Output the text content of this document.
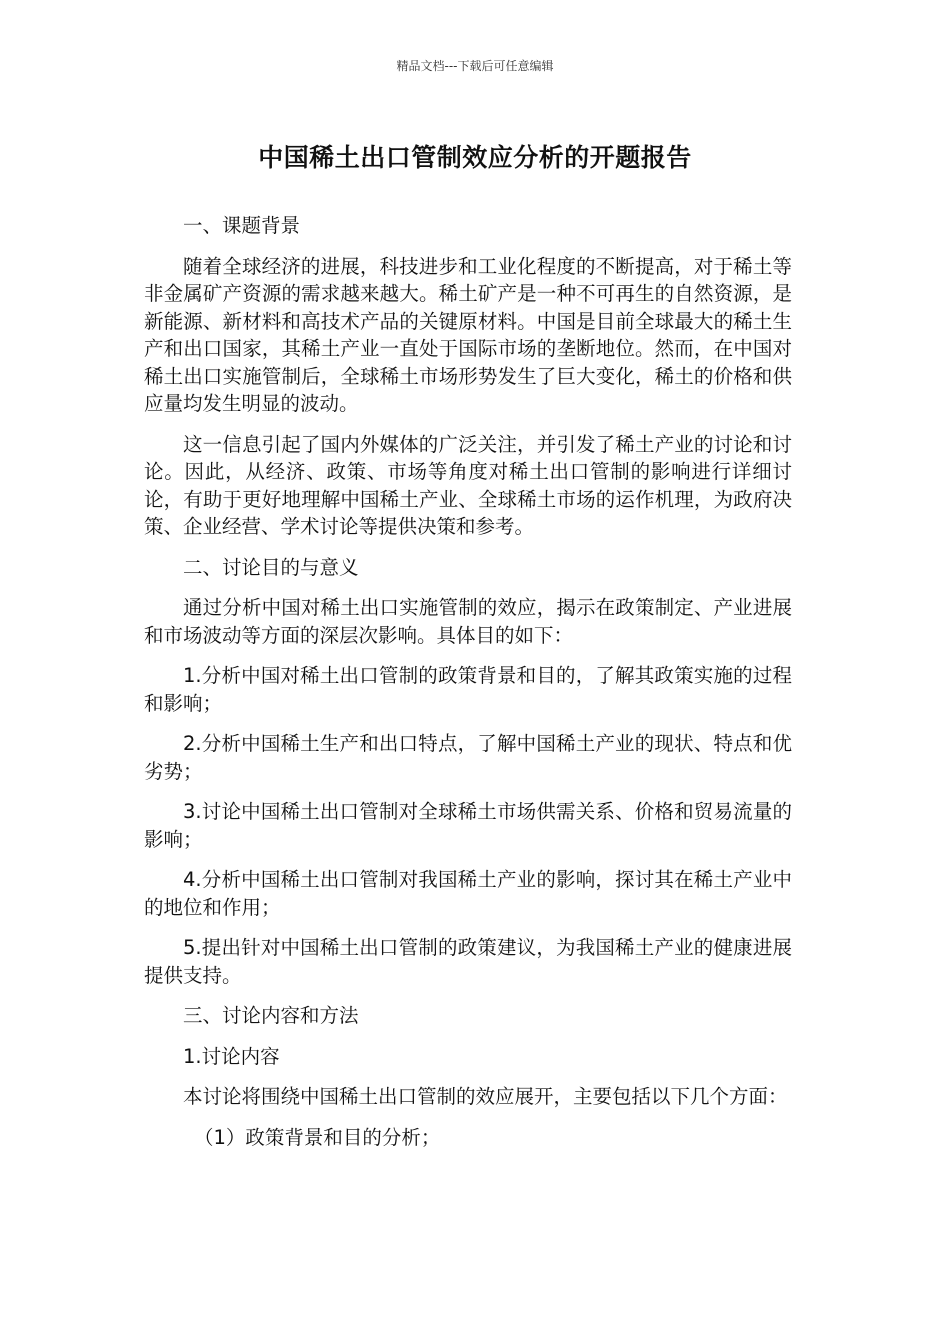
精品文档---下载后可任意编辑
中国稀土出口管制效应分析的开题报告

一、课题背景

随着全球经济的进展，科技进步和工业化程度的不断提高，对于稀土等非金属矿产资源的需求越来越大。稀土矿产是一种不可再生的自然资源，是新能源、新材料和高技术产品的关键原材料。中国是目前全球最大的稀土生产和出口国家，其稀土产业一直处于国际市场的垄断地位。然而，在中国对稀土出口实施管制后，全球稀土市场形势发生了巨大变化，稀土的价格和供应量均发生明显的波动。

这一信息引起了国内外媒体的广泛关注，并引发了稀土产业的讨论和讨论。因此，从经济、政策、市场等角度对稀土出口管制的影响进行详细讨论，有助于更好地理解中国稀土产业、全球稀土市场的运作机理，为政府决策、企业经营、学术讨论等提供决策和参考。

二、讨论目的与意义

通过分析中国对稀土出口实施管制的效应，揭示在政策制定、产业进展和市场波动等方面的深层次影响。具体目的如下：

1.分析中国对稀土出口管制的政策背景和目的，了解其政策实施的过程和影响；

2.分析中国稀土生产和出口特点，了解中国稀土产业的现状、特点和优劣势；

3.讨论中国稀土出口管制对全球稀土市场供需关系、价格和贸易流量的影响；

4.分析中国稀土出口管制对我国稀土产业的影响，探讨其在稀土产业中的地位和作用；

5.提出针对中国稀土出口管制的政策建议，为我国稀土产业的健康进展提供支持。

三、讨论内容和方法

1.讨论内容

本讨论将围绕中国稀土出口管制的效应展开，主要包括以下几个方面：

（1）政策背景和目的分析；
